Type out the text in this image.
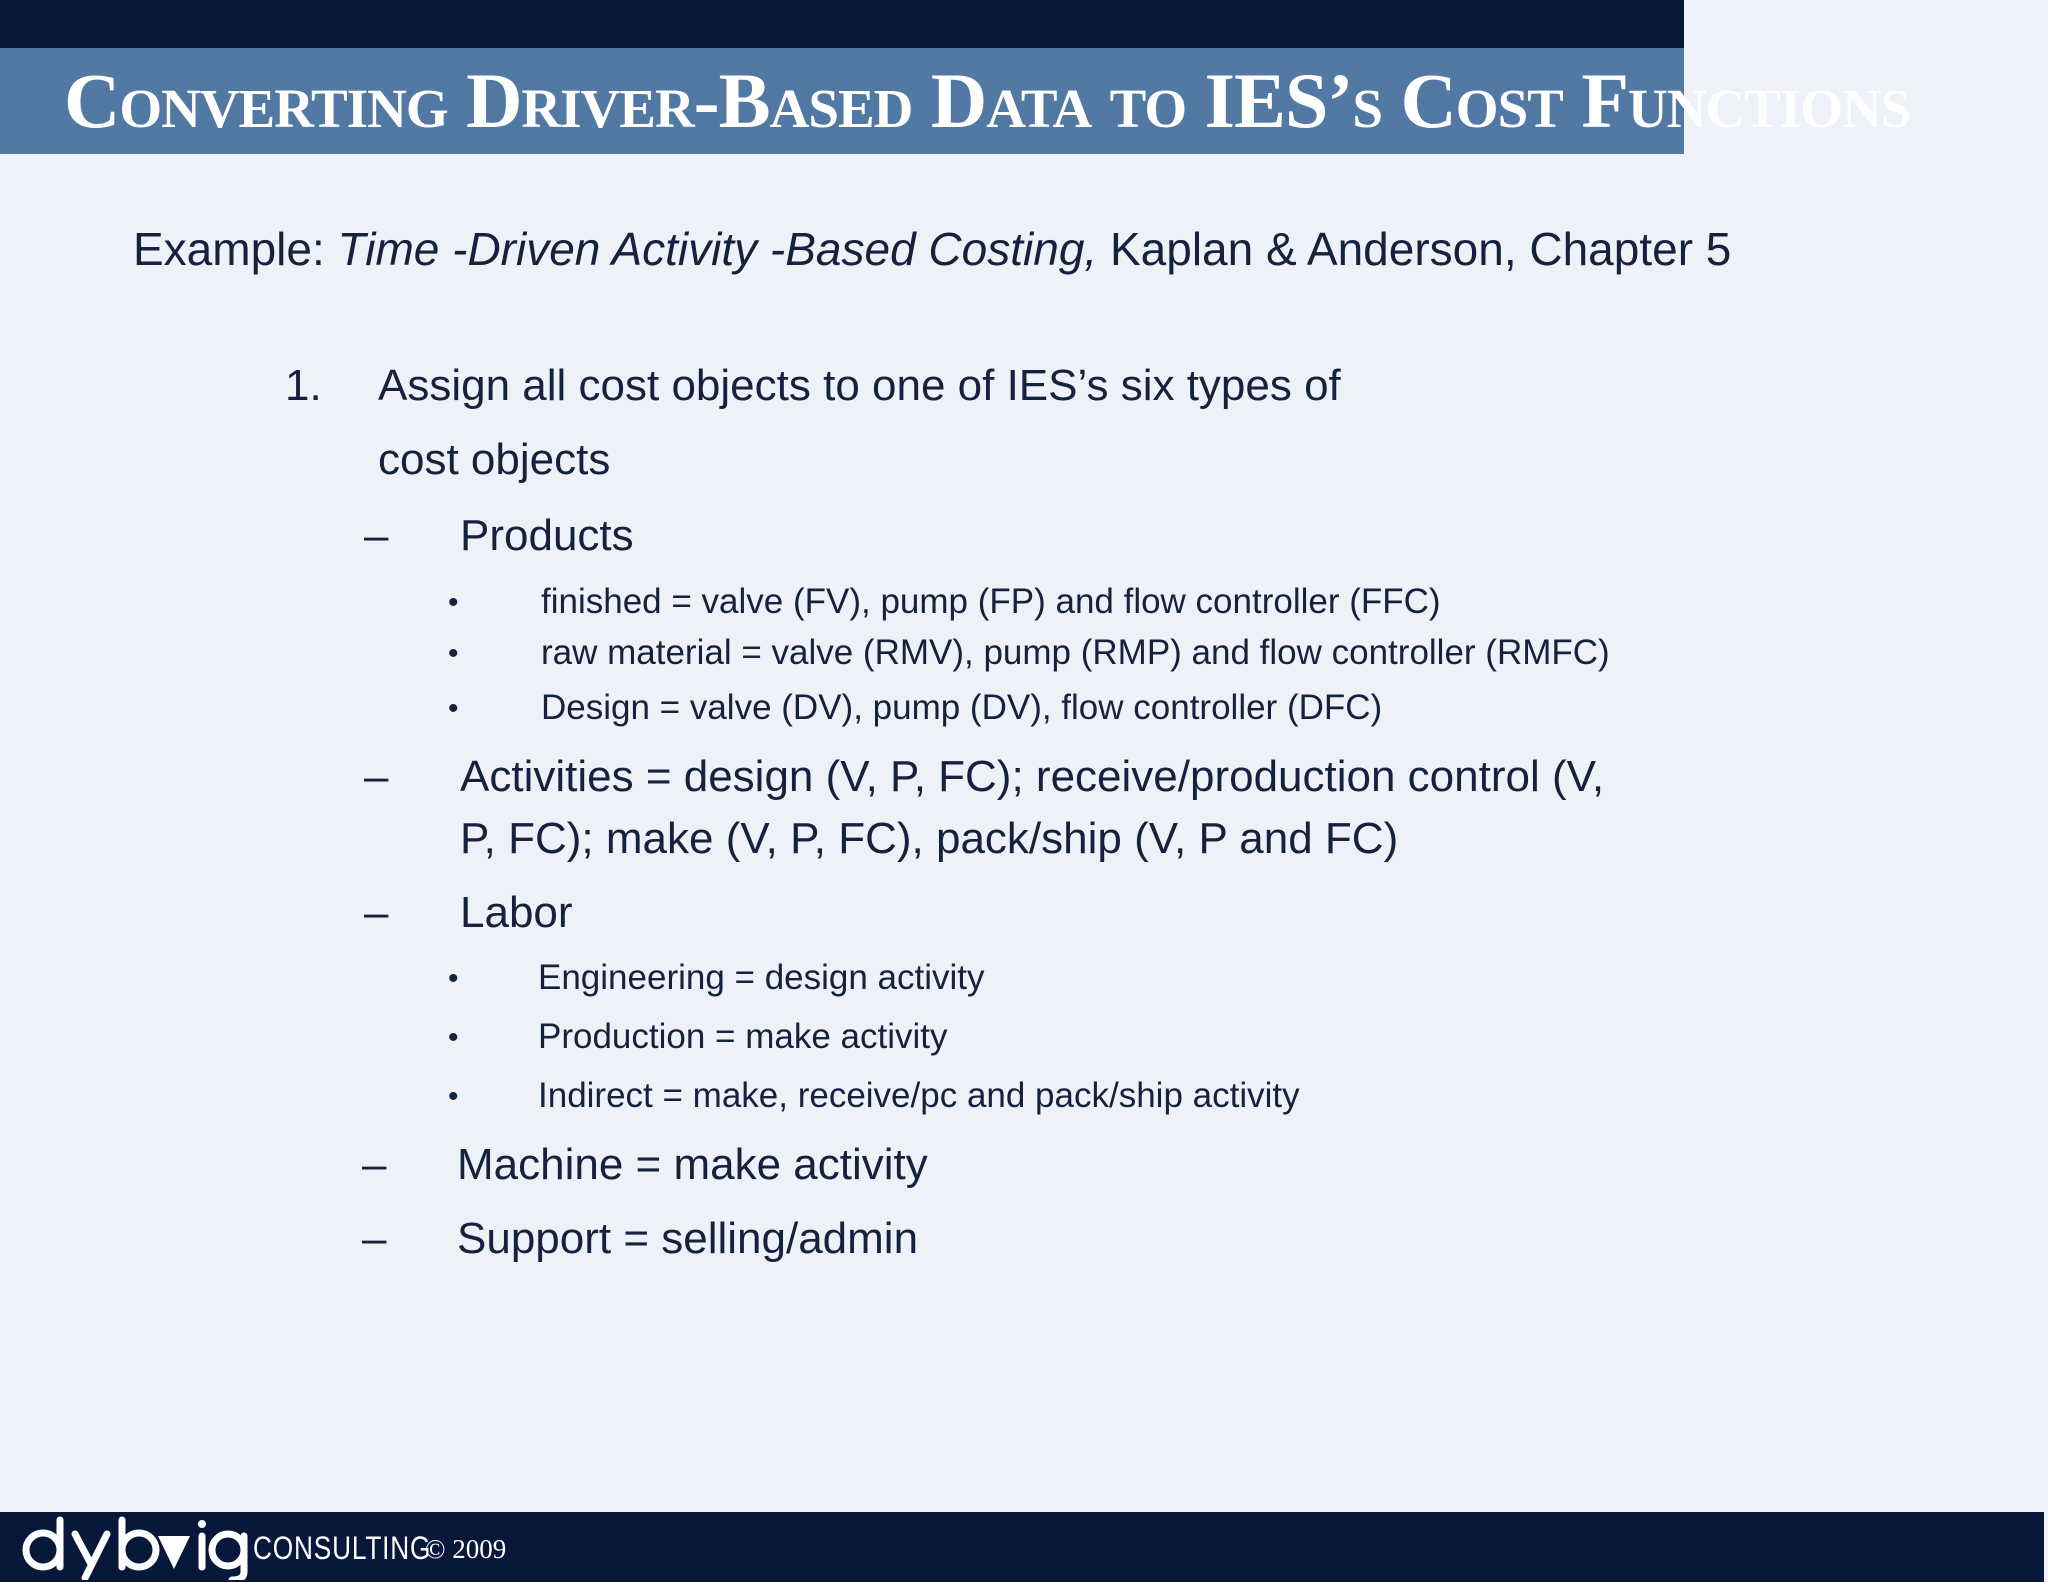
Converting Driver-Based Data to IES’s Cost Functions
Example: Time -Driven Activity -Based Costing, Kaplan & Anderson, Chapter 5
1. Assign all cost objects to one of IES’s six types of
cost objects
– Products
• finished = valve (FV), pump (FP) and flow controller (FFC)
• raw material = valve (RMV), pump (RMP) and flow controller (RMFC)
• Design = valve (DV), pump (DV), flow controller (DFC)
– Activities = design (V, P, FC); receive/production control (V,
P, FC); make (V, P, FC), pack/ship (V, P and FC)
– Labor
• Engineering = design activity
• Production = make activity
• Indirect = make, receive/pc and pack/ship activity
– Machine = make activity
– Support = selling/admin
CONSULTING
© 2009
